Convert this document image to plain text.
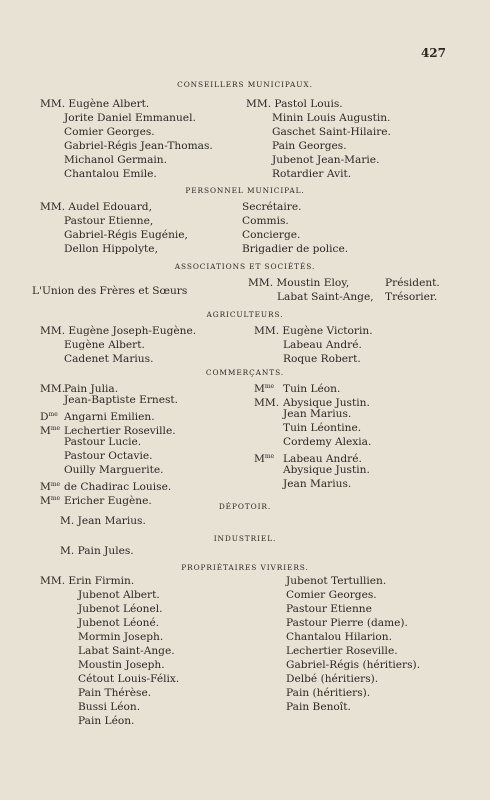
427
CONSEILLERS MUNICIPAUX.
MM. Eugène Albert.
Jorite Daniel Emmanuel.
Comier Georges.
Gabriel-Régis Jean-Thomas.
Michanol Germain.
Chantalou Emile.
MM. Pastol Louis.
Minin Louis Augustin.
Gaschet Saint-Hilaire.
Pain Georges.
Jubenot Jean-Marie.
Rotardier Avit.
PERSONNEL MUNICIPAL.
MM. Audel Edouard,
Pastour Etienne,
Gabriel-Régis Eugénie,
Dellon Hippolyte,
Secrétaire.
Commis.
Concierge.
Brigadier de police.
ASSOCIATIONS ET SOCIÉTÉS.
L'Union des Frères et Sœurs
MM. Moustin Eloy,
Labat Saint-Ange,
Président.
Trésorier.
AGRICULTEURS.
MM. Eugène Joseph-Eugène.
Eugène Albert.
Cadenet Marius.
MM. Eugène Victorin.
Labeau André.
Roque Robert.
COMMERÇANTS.
MM.Pain Julia.
Jean-Baptiste Ernest.
$D^{me}$ Angarni Emilien.
$M^{me}$ Lechertier Roseville.
Pastour Lucie.
Pastour Octavie.
Ouilly Marguerite.
$M^{me}$ de Chadirac Louise.
$M^{me}$ Ericher Eugène.
$M^{me}$ Tuin Léon.
MM. Abysique Justin.
Jean Marius.
Tuin Léontine.
Cordemy Alexia.
$M^{me}$ Labeau André.
Abysique Justin.
Jean Marius.
DÉPOTOIR.
M. Jean Marius.
INDUSTRIEL.
M. Pain Jules.
PROPRIÉTAIRES VIVRIERS.
MM. Erin Firmin.
Jubenot Albert.
Jubenot Léonel.
Jubenot Léoné.
Mormin Joseph.
Labat Saint-Ange.
Moustin Joseph.
Cétout Louis-Félix.
Pain Thérèse.
Bussi Léon.
Pain Léon.
Jubenot Tertullien.
Comier Georges.
Pastour Etienne
Pastour Pierre (dame).
Chantalou Hilarion.
Lechertier Roseville.
Gabriel-Régis (héritiers).
Delbé (héritiers).
Pain (héritiers).
Pain Benoît.
